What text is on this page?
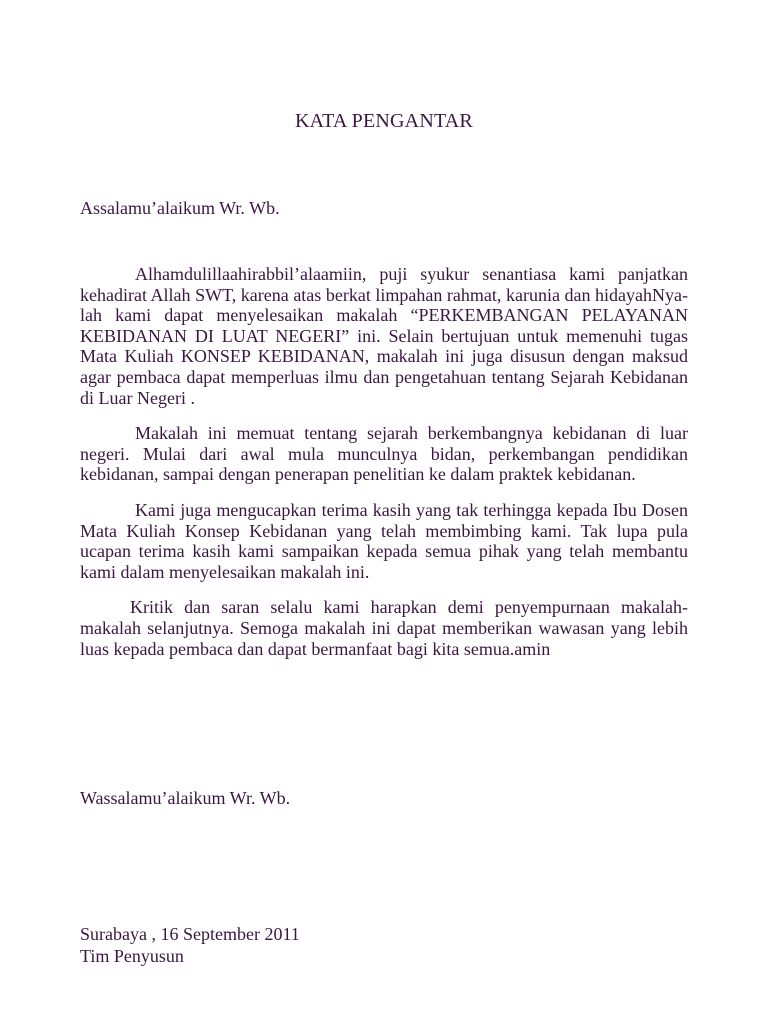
KATA PENGANTAR
Assalamu’alaikum Wr. Wb.

Alhamdulillaahirabbil’alaamiin, puji syukur senantiasa kami panjatkan kehadirat Allah SWT, karena atas berkat limpahan rahmat, karunia dan hidayahNya-lah kami dapat menyelesaikan makalah “PERKEMBANGAN PELAYANAN KEBIDANAN DI LUAT NEGERI” ini. Selain bertujuan untuk memenuhi tugas Mata Kuliah KONSEP KEBIDANAN, makalah ini juga disusun dengan maksud agar pembaca dapat memperluas ilmu dan pengetahuan tentang Sejarah Kebidanan di Luar Negeri .

Makalah ini memuat tentang sejarah berkembangnya kebidanan di luar negeri. Mulai dari awal mula munculnya bidan, perkembangan pendidikan kebidanan, sampai dengan penerapan penelitian ke dalam praktek kebidanan.

Kami juga mengucapkan terima kasih yang tak terhingga kepada Ibu Dosen Mata Kuliah Konsep Kebidanan yang telah membimbing kami. Tak lupa pula ucapan terima kasih kami sampaikan kepada semua pihak yang telah membantu kami dalam menyelesaikan makalah ini.

Kritik dan saran selalu kami harapkan demi penyempurnaan makalah-makalah selanjutnya. Semoga makalah ini dapat memberikan wawasan yang lebih luas kepada pembaca dan dapat bermanfaat bagi kita semua.amin

Wassalamu’alaikum Wr. Wb.
Surabaya , 16 September 2011
Tim Penyusun
